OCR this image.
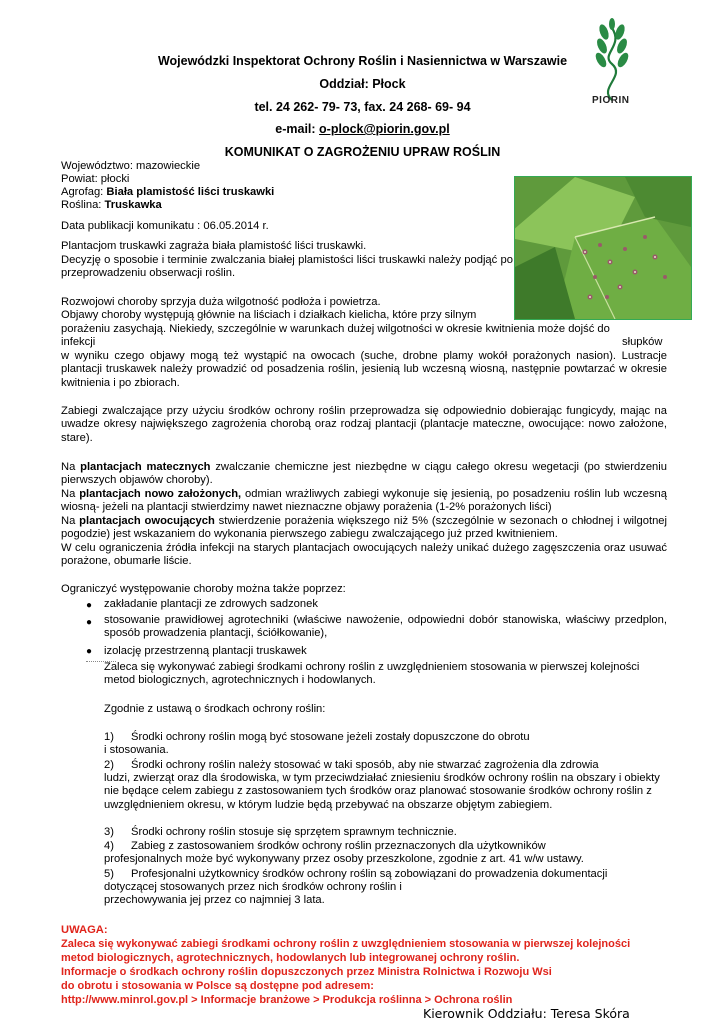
PIORIN
Wojewódzki Inspektorat Ochrony Roślin i Nasiennictwa w Warszawie
Oddział: Płock
tel. 24 262- 79- 73, fax. 24 268- 69- 94
e-mail: o-plock@piorin.gov.pl
KOMUNIKAT O ZAGROŻENIU UPRAW ROŚLIN
Województwo: mazowieckie
Powiat: płocki
Agrofag: Biała plamistość liści truskawki
Roślina: Truskawka
Data publikacji komunikatu : 06.05.2014 r.
Plantacjom truskawki zagraża biała plamistość liści truskawki.
Decyzję o sposobie i terminie zwalczania białej plamistości liści truskawki należy podjąć po przeprowadzeniu obserwacji roślin.
Rozwojowi choroby sprzyja duża wilgotność podłoża i powietrza.
Objawy choroby występują głównie na liściach i działkach kielicha, które przy silnym
porażeniu zasychają. Niekiedy, szczególnie w warunkach dużej wilgotności w okresie kwitnienia może dojść do
infekcji	słupków
w wyniku czego objawy mogą też wystąpić na owocach (suche, drobne plamy wokół porażonych nasion). Lustracje plantacji truskawek należy prowadzić od posadzenia roślin, jesienią lub wczesną wiosną, następnie powtarzać w okresie kwitnienia i po zbiorach.
Zabiegi zwalczające przy użyciu środków ochrony roślin przeprowadza się odpowiednio dobierając fungicydy, mając na uwadze okresy największego zagrożenia chorobą oraz rodzaj plantacji (plantacje mateczne, owocujące: nowo założone, stare).
Na plantacjach matecznych zwalczanie chemiczne jest niezbędne w ciągu całego okresu wegetacji (po stwierdzeniu pierwszych objawów choroby).
Na plantacjach nowo założonych, odmian wrażliwych zabiegi wykonuje się jesienią, po posadzeniu roślin lub wczesną wiosną- jeżeli na plantacji stwierdzimy nawet nieznaczne objawy porażenia (1-2% porażonych liści)
Na plantacjach owocujących stwierdzenie porażenia większego niż 5% (szczególnie w sezonach o chłodnej i wilgotnej pogodzie) jest wskazaniem do wykonania pierwszego zabiegu zwalczającego już przed kwitnieniem.
W celu ograniczenia źródła infekcji na starych plantacjach owocujących należy unikać dużego zagęszczenia oraz usuwać porażone, obumarłe liście.
Ograniczyć występowanie choroby można także poprzez:
● zakładanie plantacji ze zdrowych sadzonek
● stosowanie prawidłowej agrotechniki (właściwe nawożenie, odpowiedni dobór stanowiska, właściwy przedplon, sposób prowadzenia plantacji, ściółkowanie),
● izolację przestrzenną plantacji truskawek
Zaleca się wykonywać zabiegi środkami ochrony roślin z uwzględnieniem stosowania w pierwszej kolejności metod biologicznych, agrotechnicznych i hodowlanych.
Zgodnie z ustawą o środkach ochrony roślin:
1) Środki ochrony roślin mogą być stosowane jeżeli zostały dopuszczone do obrotu
i stosowania.
2) Środki ochrony roślin należy stosować w taki sposób, aby nie stwarzać zagrożenia dla zdrowia
ludzi, zwierząt oraz dla środowiska, w tym przeciwdziałać zniesieniu środków ochrony roślin na obszary i obiekty nie będące celem zabiegu z zastosowaniem tych środków oraz planować stosowanie środków ochrony roślin z uwzględnieniem okresu, w którym ludzie będą przebywać na obszarze objętym zabiegiem.
3) Środki ochrony roślin stosuje się sprzętem sprawnym technicznie.
4) Zabieg z zastosowaniem środków ochrony roślin przeznaczonych dla użytkowników
profesjonalnych może być wykonywany przez osoby przeszkolone, zgodnie z art. 41 w/w ustawy.
5) Profesjonalni użytkownicy środków ochrony roślin są zobowiązani do prowadzenia dokumentacji
dotyczącej stosowanych przez nich środków ochrony roślin i przechowywania jej przez co najmniej 3 lata.
UWAGA:
Zaleca się wykonywać zabiegi środkami ochrony roślin z uwzględnieniem stosowania w pierwszej kolejności
metod biologicznych, agrotechnicznych, hodowlanych lub integrowanej ochrony roślin.
Informacje o środkach ochrony roślin dopuszczonych przez Ministra Rolnictwa i Rozwoju Wsi
do obrotu i stosowania w Polsce są dostępne pod adresem:
http://www.minrol.gov.pl > Informacje branżowe > Produkcja roślinna > Ochrona roślin
Kierownik Oddziału: Teresa Skóra
